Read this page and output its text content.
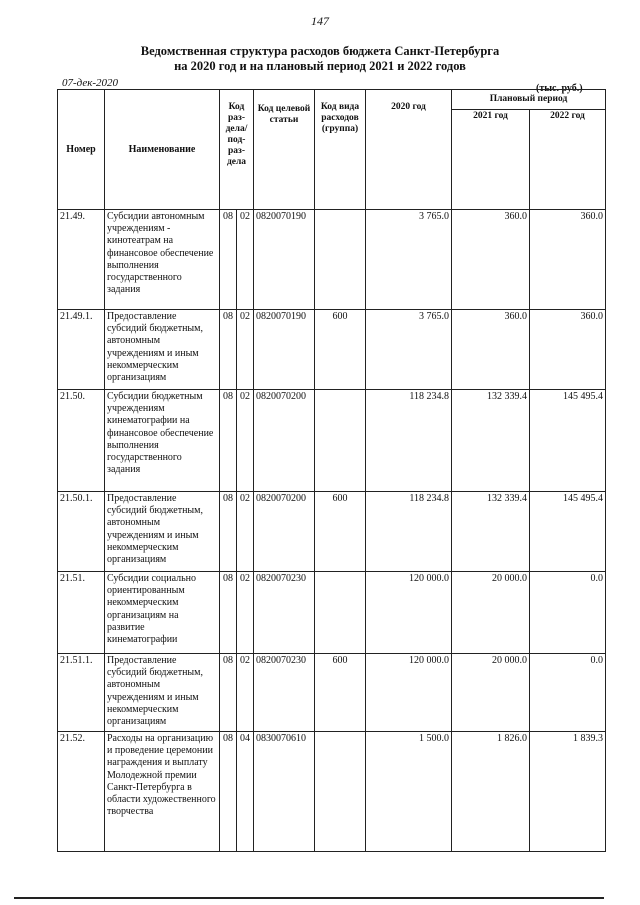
147
Ведомственная структура расходов бюджета Санкт-Петербурга
на 2020 год и на плановый период 2021 и 2022 годов
07-дек-2020	(тыс. руб.)
Номер	Наименование	Код раз-дела/ под-раз-дела		Код целевой статьи	Код вида расходов (группа)	2020 год	Плановый период	
							2021 год	2022 год
21.49.	Субсидии автономным учреждениям - кинотеатрам на финансовое обеспечение выполнения государственного задания	08	02	0820070190		3 765.0	360.0	360.0
21.49.1.	Предоставление субсидий бюджетным, автономным учреждениям и иным некоммерческим организациям	08	02	0820070190	600	3 765.0	360.0	360.0
21.50.	Субсидии бюджетным учреждениям кинематографии на финансовое обеспечение выполнения государственного задания	08	02	0820070200		118 234.8	132 339.4	145 495.4
21.50.1.	Предоставление субсидий бюджетным, автономным учреждениям и иным некоммерческим организациям	08	02	0820070200	600	118 234.8	132 339.4	145 495.4
21.51.	Субсидии социально ориентированным некоммерческим организациям на развитие кинематографии	08	02	0820070230		120 000.0	20 000.0	0.0
21.51.1.	Предоставление субсидий бюджетным, автономным учреждениям и иным некоммерческим организациям	08	02	0820070230	600	120 000.0	20 000.0	0.0
21.52.	Расходы на организацию и проведение церемонии награждения и выплату Молодежной премии Санкт-Петербурга в области художественного творчества	08	04	0830070610		1 500.0	1 826.0	1 839.3
